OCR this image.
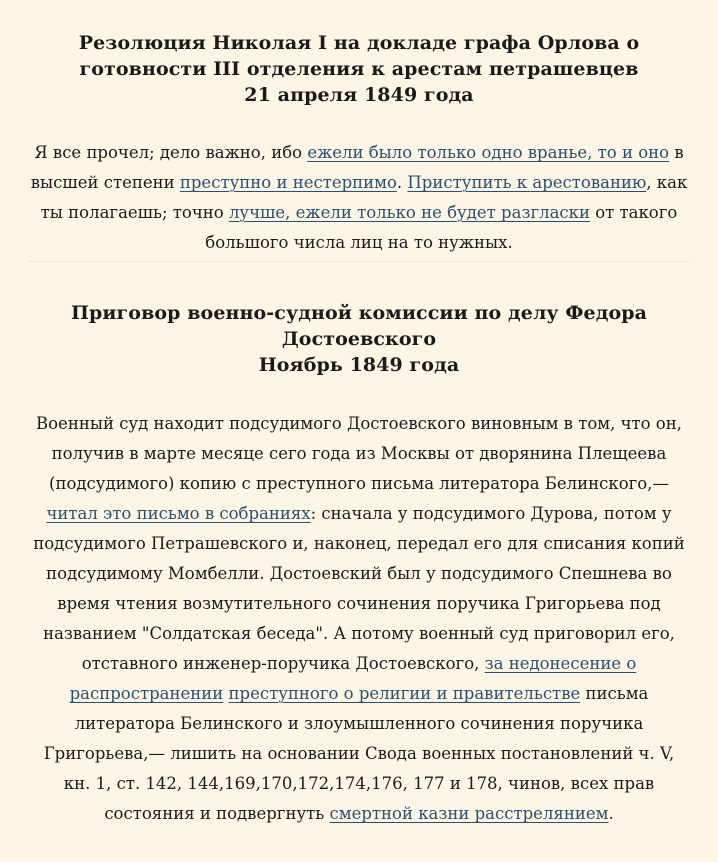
Резолюция Николая I на докладе графа Орлова о
готовности III отделения к арестам петрашевцев
21 апреля 1849 года

Я все прочел; дело важно, ибо ежели было только одно вранье, то и оно в высшей степени преступно и нестерпимо. Приступить к арестованию, как ты полагаешь; точно лучше, ежели только не будет разгласки от такого большого числа лиц на то нужных.

Приговор военно-судной комиссии по делу Федора
Достоевского
Ноябрь 1849 года

Военный суд находит подсудимого Достоевского виновным в том, что он, получив в марте месяце сего года из Москвы от дворянина Плещеева (подсудимого) копию с преступного письма литератора Белинского,—читал это письмо в собраниях: сначала у подсудимого Дурова, потом у подсудимого Петрашевского и, наконец, передал его для списания копий подсудимому Момбелли. Достоевский был у подсудимого Спешнева во время чтения возмутительного сочинения поручика Григорьева под названием "Солдатская беседа". А потому военный суд приговорил его, отставного инженер-поручика Достоевского, за недонесение о распространении преступного о религии и правительстве письма литератора Белинского и злоумышленного сочинения поручика Григорьева,— лишить на основании Свода военных постановлений ч. V, кн. 1, ст. 142, 144,169,170,172,174,176, 177 и 178, чинов, всех прав состояния и подвергнуть смертной казни расстрелянием.
